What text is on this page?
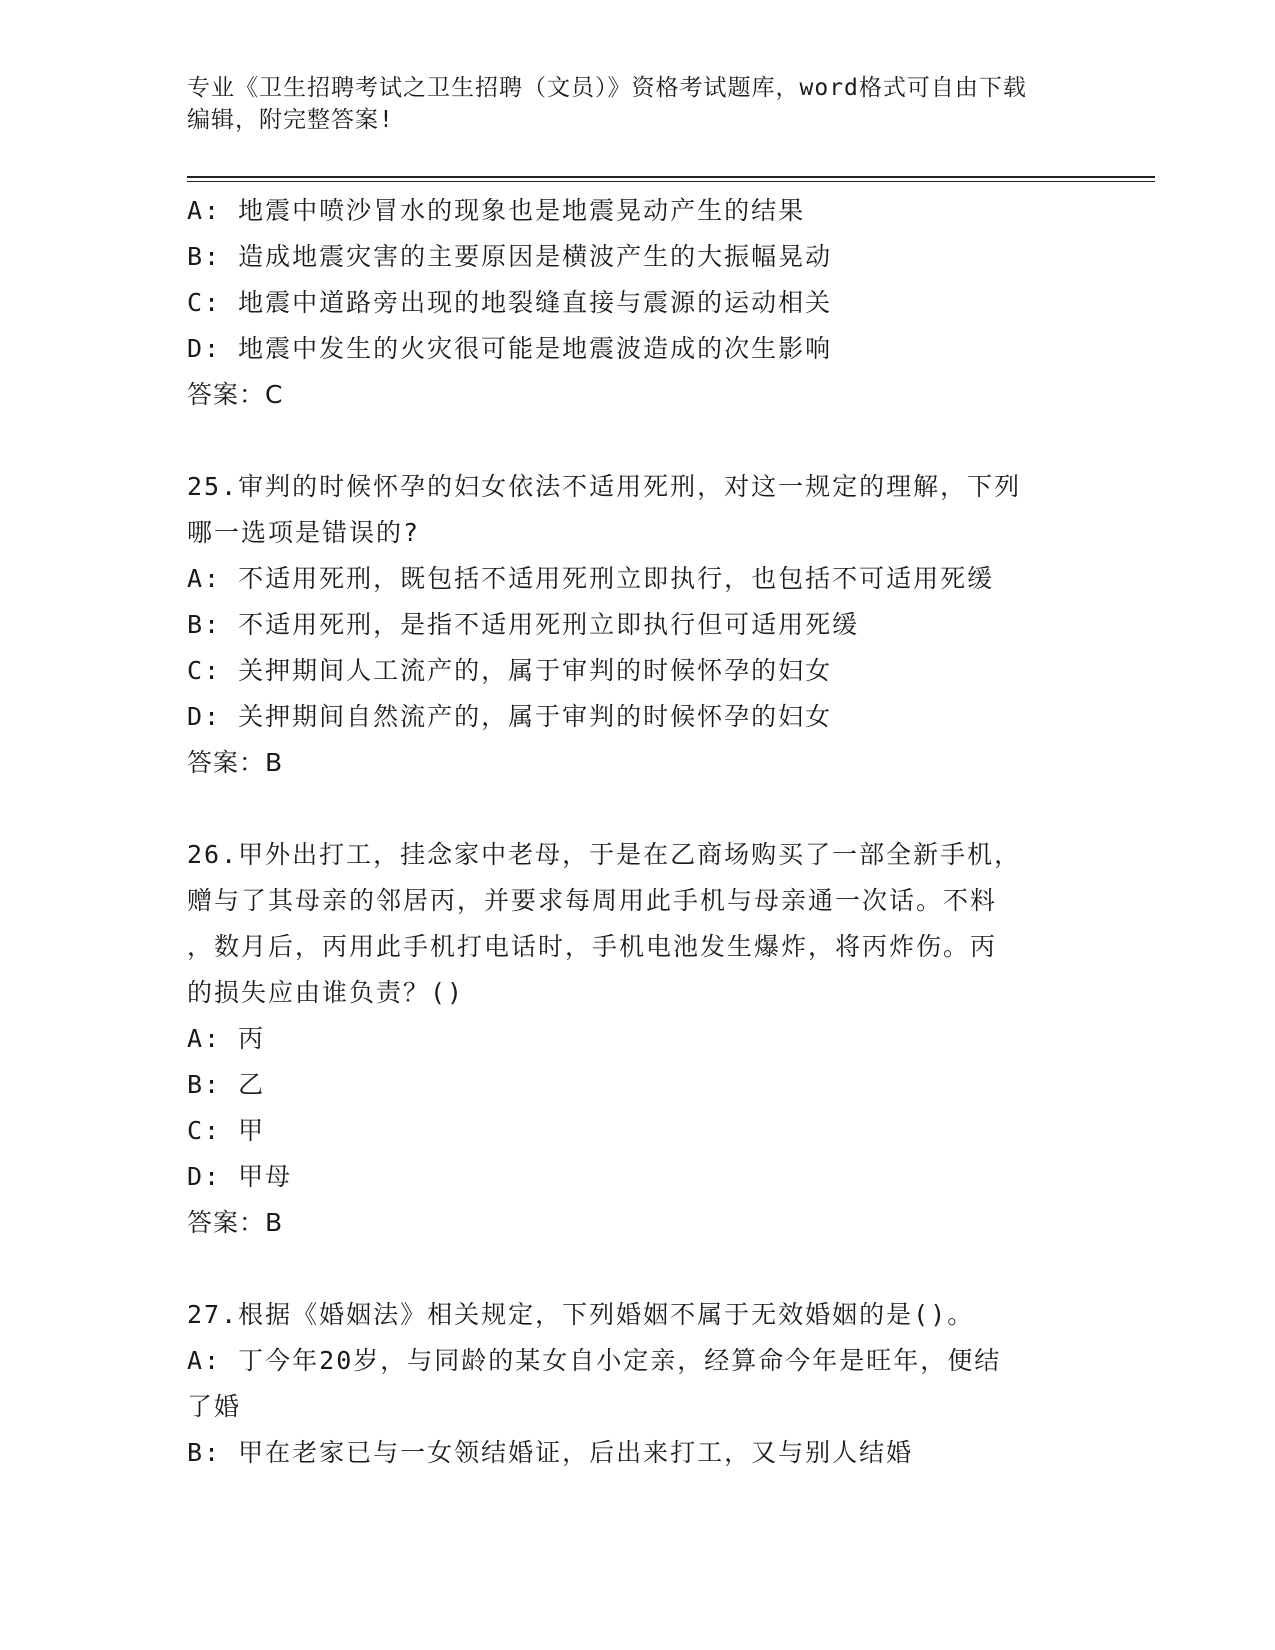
专业《卫生招聘考试之卫生招聘（文员）》资格考试题库，word格式可自由下载
编辑，附完整答案!
A: 地震中喷沙冒水的现象也是地震晃动产生的结果
B: 造成地震灾害的主要原因是横波产生的大振幅晃动
C: 地震中道路旁出现的地裂缝直接与震源的运动相关
D: 地震中发生的火灾很可能是地震波造成的次生影响
答案：C
25.审判的时候怀孕的妇女依法不适用死刑，对这一规定的理解，下列
哪一选项是错误的?
A: 不适用死刑，既包括不适用死刑立即执行，也包括不可适用死缓
B: 不适用死刑，是指不适用死刑立即执行但可适用死缓
C: 关押期间人工流产的，属于审判的时候怀孕的妇女
D: 关押期间自然流产的，属于审判的时候怀孕的妇女
答案：B
26.甲外出打工，挂念家中老母，于是在乙商场购买了一部全新手机，
赠与了其母亲的邻居丙，并要求每周用此手机与母亲通一次话。不料
，数月后，丙用此手机打电话时，手机电池发生爆炸，将丙炸伤。丙
的损失应由谁负责？()
A: 丙
B: 乙
C: 甲
D: 甲母
答案：B
27.根据《婚姻法》相关规定，下列婚姻不属于无效婚姻的是()。
A: 丁今年20岁，与同龄的某女自小定亲，经算命今年是旺年，便结
了婚
B: 甲在老家已与一女领结婚证，后出来打工，又与别人结婚
